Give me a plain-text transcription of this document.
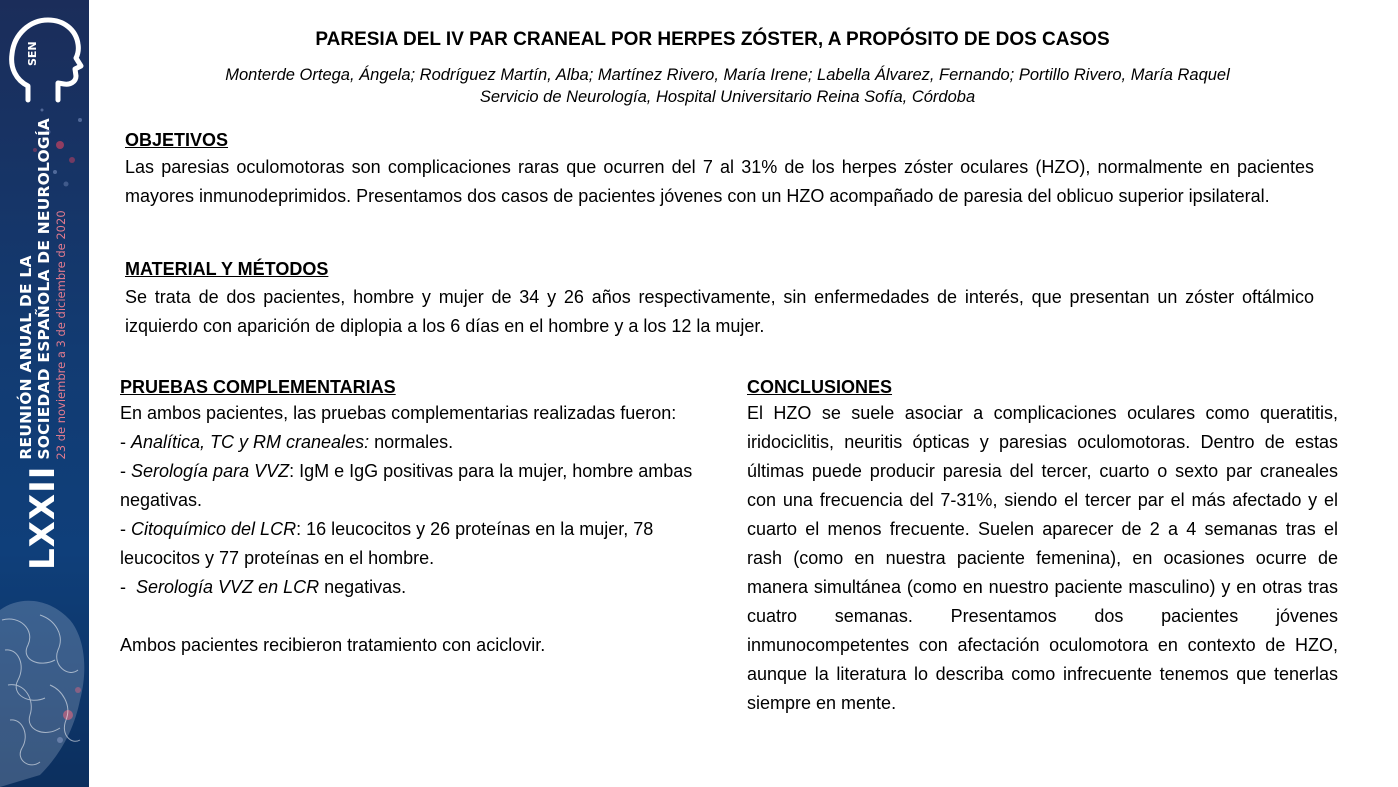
SEN
LXXII
REUNIÓN ANUAL DE LA SOCIEDAD ESPAÑOLA DE NEUROLOGÍA 23 de noviembre a 3 de diciembre de 2020
PARESIA DEL IV PAR CRANEAL POR HERPES ZÓSTER, A PROPÓSITO DE DOS CASOS
Monterde Ortega, Ángela; Rodríguez Martín, Alba; Martínez Rivero, María Irene; Labella Álvarez, Fernando; Portillo Rivero, María Raquel
Servicio de Neurología, Hospital Universitario Reina Sofía, Córdoba
OBJETIVOS
Las paresias oculomotoras son complicaciones raras que ocurren del 7 al 31% de los herpes zóster oculares (HZO), normalmente en pacientes mayores inmunodeprimidos. Presentamos dos casos de pacientes jóvenes con un HZO acompañado de paresia del oblicuo superior ipsilateral.
MATERIAL Y MÉTODOS
Se trata de dos pacientes, hombre y mujer de 34 y 26 años respectivamente, sin enfermedades de interés, que presentan un zóster oftálmico izquierdo con aparición de diplopia a los 6 días en el hombre y a los 12 la mujer.
PRUEBAS COMPLEMENTARIAS
En ambos pacientes, las pruebas complementarias realizadas fueron:
- Analítica, TC y RM craneales: normales.
- Serología para VVZ: IgM e IgG positivas para la mujer, hombre ambas negativas.
- Citoquímico del LCR: 16 leucocitos y 26 proteínas en la mujer, 78 leucocitos y 77 proteínas en el hombre.
-  Serología VVZ en LCR negativas.
Ambos pacientes recibieron tratamiento con aciclovir.
CONCLUSIONES
El HZO se suele asociar a complicaciones oculares como queratitis, iridociclitis, neuritis ópticas y paresias oculomotoras. Dentro de estas últimas puede producir paresia del tercer, cuarto o sexto par craneales con una frecuencia del 7-31%, siendo el tercer par el más afectado y el cuarto el menos frecuente. Suelen aparecer de 2 a 4 semanas tras el rash (como en nuestra paciente femenina), en ocasiones ocurre de manera simultánea (como en nuestro paciente masculino) y en otras tras cuatro semanas. Presentamos dos pacientes jóvenes inmunocompetentes con afectación oculomotora en contexto de HZO, aunque la literatura lo describa como infrecuente tenemos que tenerlas siempre en mente.
